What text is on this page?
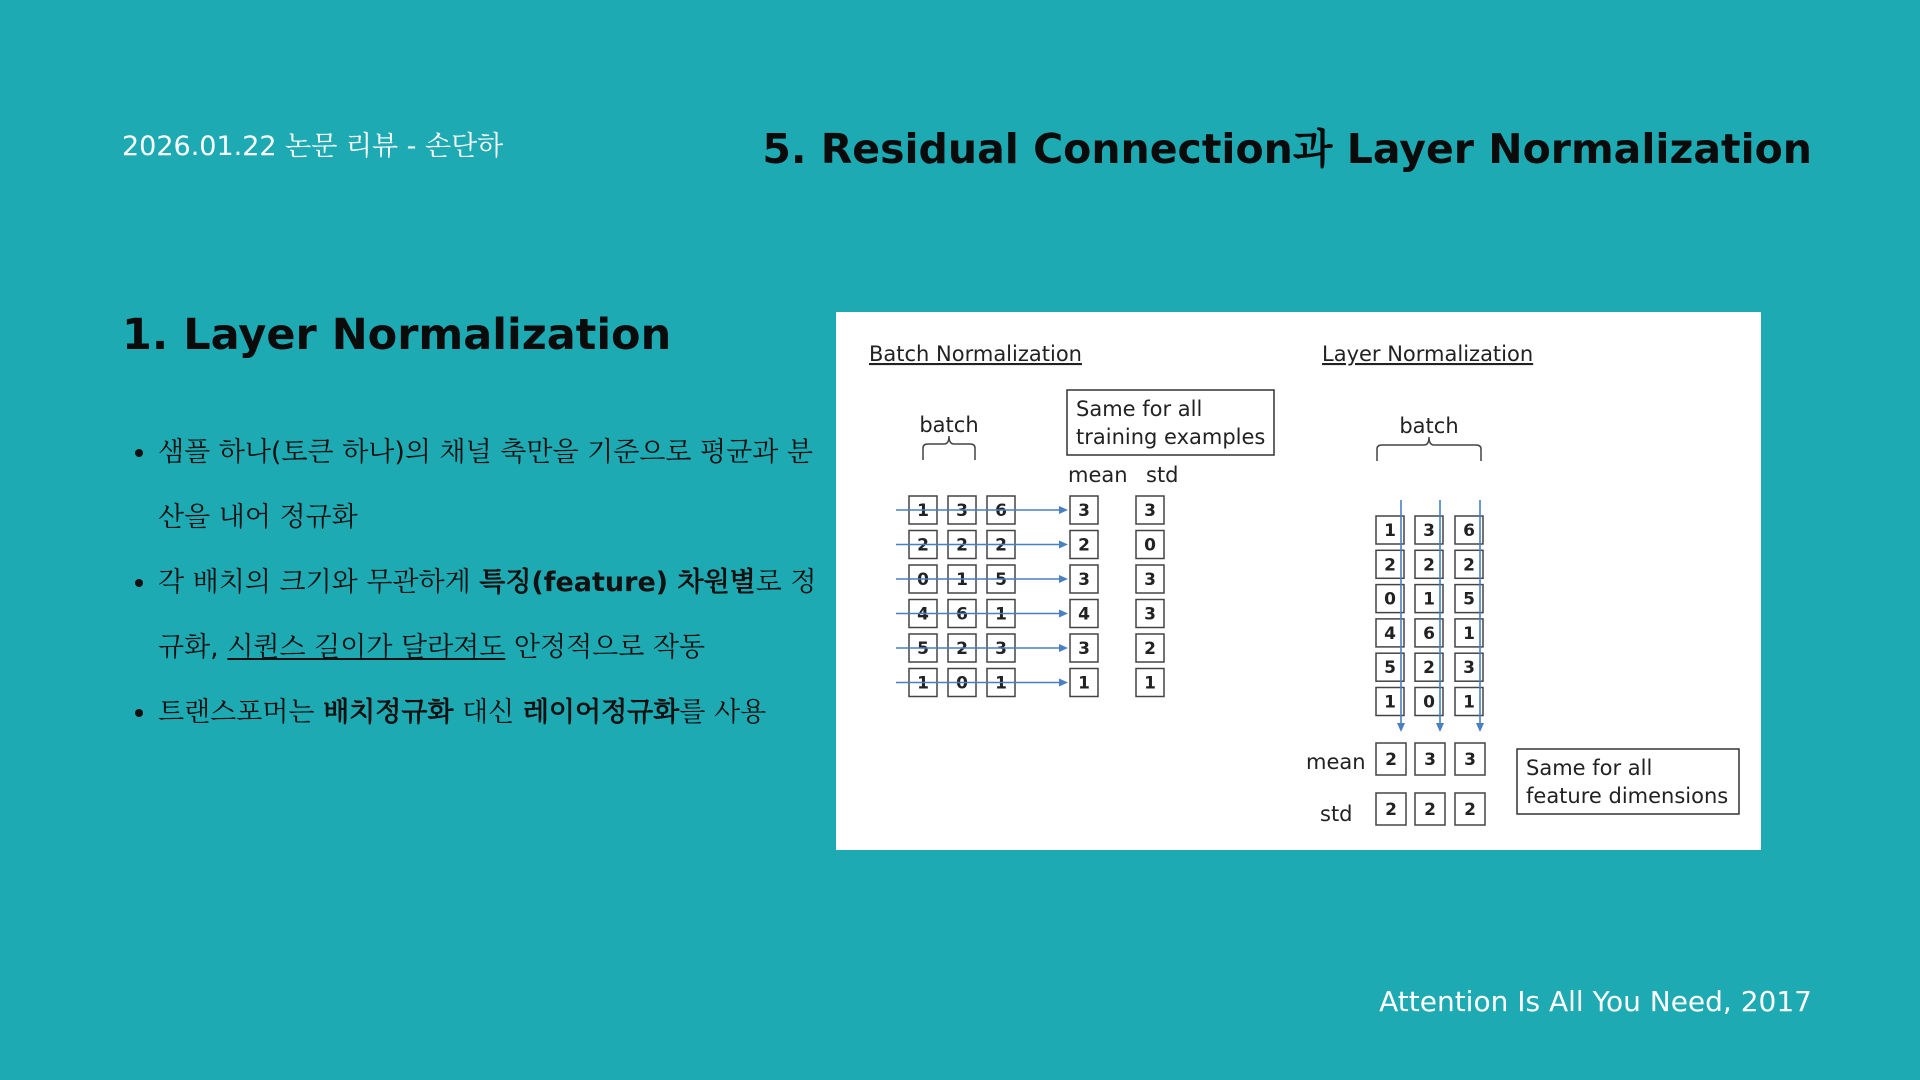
2026.01.22 논문 리뷰 - 손단하	5. Residual Connection과 Layer Normalization
1. Layer Normalization
• 샘플 하나(토큰 하나)의 채널 축만을 기준으로 평균과 분산을 내어 정규화
• 각 배치의 크기와 무관하게 특징(feature) 차원별로 정규화, 시퀀스 길이가 달라져도 안정적으로 작동
• 트랜스포머는 배치정규화 대신 레이어정규화를 사용
Batch Normalization
batch
Same for all
training examples
mean std
1 3 6
2 2 2
0 1 5
4 6 1
5 2 3
1 0 1
3
2
3
4
3
1
3
0
3
3
2
1
Layer Normalization
batch
mean
std
Same for all
feature dimensions
1 3 6
2 2 2
0 1 5
4 6 1
5 2 3
1 0 1
2 3 3
2 2 2
Attention Is All You Need, 2017
